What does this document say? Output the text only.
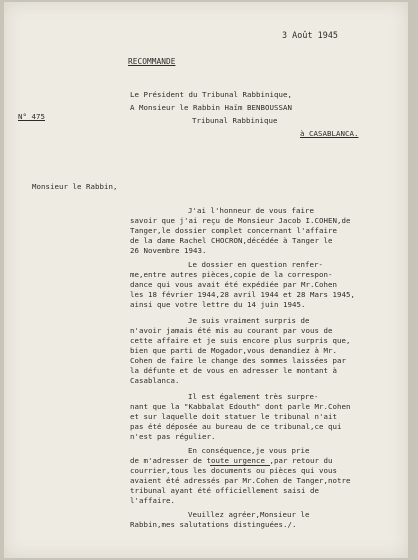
3 Août 1945
RECOMMANDE
Le Président du Tribunal Rabbinique,
N° 475
A Monsieur le Rabbin Haïm BENBOUSSAN
Tribunal Rabbinique
à CASABLANCA.
Monsieur le Rabbin,
J'ai l'honneur de vous faire
savoir que j'ai reçu de Monsieur Jacob I.COHEN,de
Tanger,le dossier complet concernant l'affaire
de la dame Rachel CHOCRON,décédée à Tanger le
26 Novembre 1943.
Le dossier en question renfer-
me,entre autres pièces,copie de la correspon-
dance qui vous avait été expédiée par Mr.Cohen
les 18 février 1944,28 avril 1944 et 28 Mars 1945,
ainsi que votre lettre du 14 juin 1945.
Je suis vraiment surpris de
n'avoir jamais été mis au courant par vous de
cette affaire et je suis encore plus surpris que,
bien que parti de Mogador,vous demandiez à Mr.
Cohen de faire le change des sommes laissées par
la défunte et de vous en adresser le montant à
Casablanca.
Il est également très surpre-
nant que la "Kabbalat Edouth" dont parle Mr.Cohen
et sur laquelle doit statuer le tribunal n'ait
pas été déposée au bureau de ce tribunal,ce qui
n'est pas régulier.
En conséquence,je vous prie
de m'adresser de toute urgence ,par retour du
courrier,tous les documents ou pièces qui vous
avaient été adressés par Mr.Cohen de Tanger,notre
tribunal ayant été officiellement saisi de
l'affaire.
Veuillez agréer,Monsieur le
Rabbin,mes salutations distinguées./.
